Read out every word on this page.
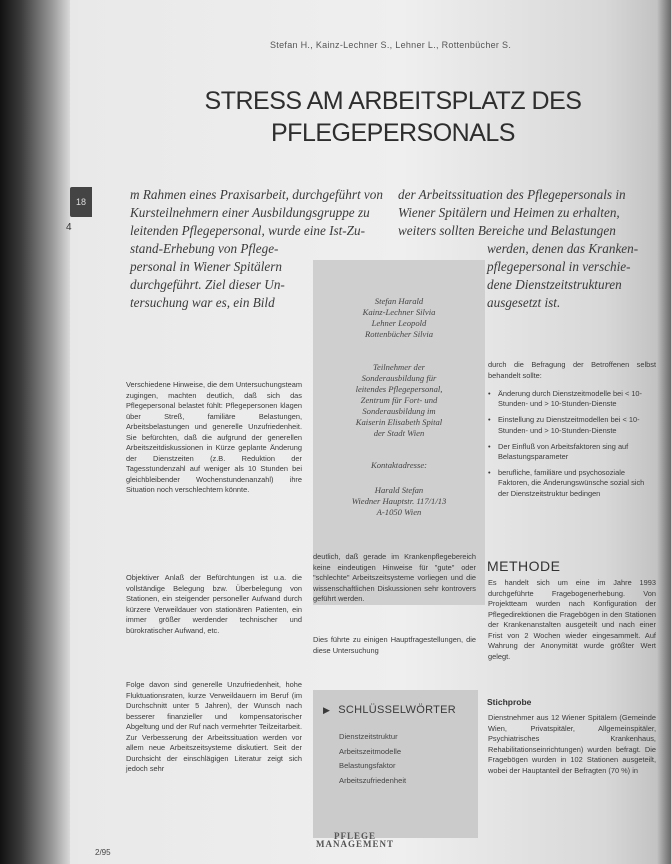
Stefan H., Kainz-Lechner S., Lehner L., Rottenbücher S.
STRESS AM ARBEITSPLATZ DES
PFLEGEPERSONALS
18
4

m Rahmen eines Praxisarbeit, durchgeführt von

Kursteilnehmern einer Ausbildungsgruppe zu

leitenden Pflegepersonal, wurde eine Ist-Zu-

stand-Erhebung von Pflege-

personal in Wiener Spitälern

durchgeführt. Ziel dieser Un-

tersuchung war es, ein Bild

der Arbeitssituation des Pflegepersonals in

Wiener Spitälern und Heimen zu erhalten,

weiters sollten Bereiche und Belastungen

werden, denen das Kranken-

pflegepersonal in verschie-

dene Dienstzeitstrukturen

ausgesetzt ist.

Verschiedene Hinweise, die dem Untersuchungsteam zugingen, machten deutlich, daß sich das Pflegepersonal belastet fühlt: Pflegepersonen klagen über Streß, familiäre Belastungen, Arbeitsbelastungen und generelle Unzufriedenheit. Sie befürchten, daß die aufgrund der generellen Arbeitszeitdiskussionen in Kürze geplante Änderung der Dienstzeiten (z.B. Reduktion der Tagesstundenzahl auf weniger als 10 Stunden bei gleichbleibender Wochenstundenanzahl) ihre Situation noch verschlechtern könnte.

Objektiver Anlaß der Befürchtungen ist u.a. die vollständige Belegung bzw. Überbelegung von Stationen, ein steigender personeller Aufwand durch kürzere Verweildauer von stationären Patienten, ein immer größer werdender technischer und bürokratischer Aufwand, etc.

Folge davon sind generelle Unzufriedenheit, hohe Fluktuationsraten, kurze Verweildauern im Beruf (im Durchschnitt unter 5 Jahren), der Wunsch nach besserer finanzieller und kompensatorischer Abgeltung und der Ruf nach vermehrter Teilzeitarbeit. Zur Verbesserung der Arbeitssituation werden vor allem neue Arbeitszeitsysteme diskutiert. Seit der Durchsicht der einschlägigen Literatur zeigt sich jedoch sehr

Stefan Harald

Kainz-Lechner Silvia

Lehner Leopold

Rottenbücher Silvia

Teilnehmer der

Sonderausbildung für

leitendes Pflegepersonal,

Zentrum für Fort- und

Sonderausbildung im

Kaiserin Elisabeth Spital

der Stadt Wien

Kontaktadresse:

Harald Stefan

Wiedner Hauptstr. 117/1/13

A-1050 Wien

deutlich, daß gerade im Krankenpflegebereich keine eindeutigen Hinweise für "gute" oder "schlechte" Arbeitszeitsysteme vorliegen und die wissenschaftlichen Diskussionen sehr kontrovers geführt werden.

Dies führte zu einigen Hauptfragestellungen, die diese Untersuchung

▶ SCHLÜSSELWÖRTER
Dienstzeitstruktur
Arbeitszeitmodelle
Belastungsfaktor
Arbeitszufriedenheit

durch die Befragung der Betroffenen selbst behandelt sollte:

• Änderung durch Dienstzeitmodelle bei < 10-Stunden- und > 10-Stunden-Dienste
• Einstellung zu Dienstzeitmodellen bei < 10-Stunden- und > 10-Stunden-Dienste
• Der Einfluß von Arbeitsfaktoren sing auf Belastungsparameter
• berufliche, familiäre und psychosoziale Faktoren, die Änderungswünsche sozial sich der Dienstzeitstruktur bedingen
METHODE

Es handelt sich um eine im Jahre 1993 durchgeführte Fragebogenerhebung. Von Projektteam wurden nach Konfiguration der Pflegedirektionen die Fragebögen in den Stationen der Krankenanstalten ausgeteilt und nach einer Frist von 2 Wochen wieder eingesammelt. Auf Wahrung der Anonymität wurde größter Wert gelegt.

Stichprobe

Dienstnehmer aus 12 Wiener Spitälern (Gemeinde Wien, Privatspitäler, Allgemeinspitäler, Psychiatrisches Krankenhaus, Rehabilitationseinrichtungen) wurden befragt. Die Fragebögen wurden in 102 Stationen ausgeteilt, wobei der Hauptanteil der Befragten (70 %) in

PFLEGE
MANAGEMENT
2/95
